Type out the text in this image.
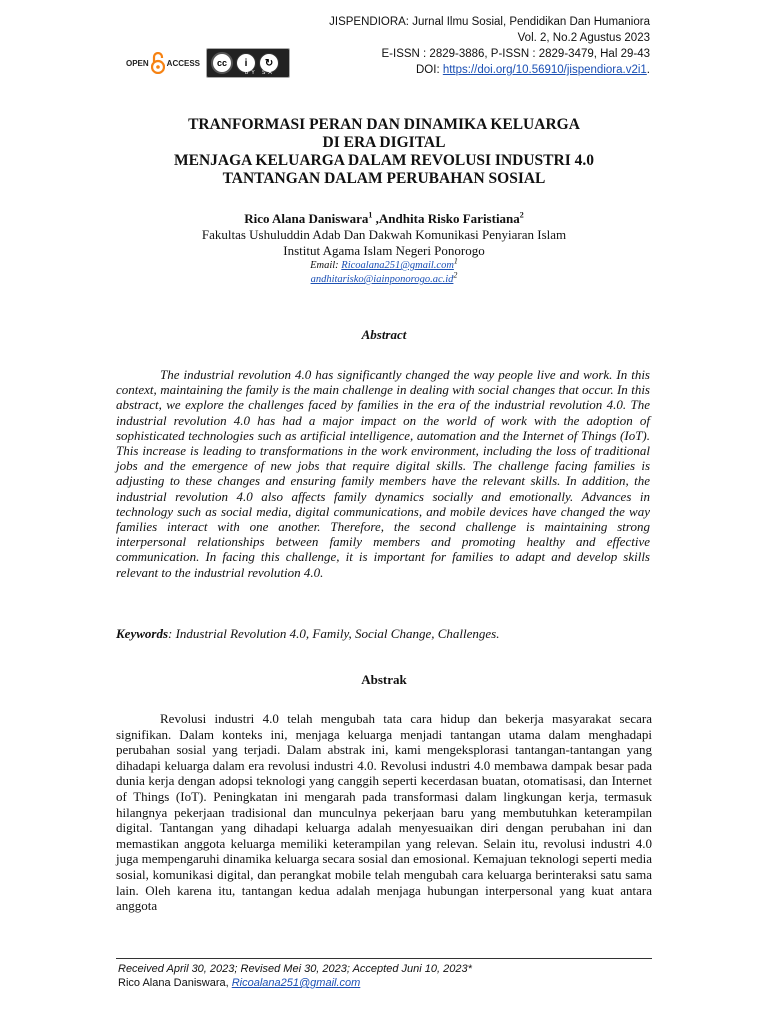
JISPENDIORA: Jurnal Ilmu Sosial, Pendidikan Dan Humaniora
Vol. 2, No.2 Agustus 2023
E-ISSN : 2829-3886, P-ISSN : 2829-3479, Hal 29-43
DOI: https://doi.org/10.56910/jispendiora.v2i1.
OPEN ACCESS	cc	i	↻
BY SA
TRANFORMASI PERAN DAN DINAMIKA KELUARGA
DI ERA DIGITAL
MENJAGA KELUARGA DALAM REVOLUSI INDUSTRI 4.0
TANTANGAN DALAM PERUBAHAN SOSIAL
Rico Alana Daniswara$^1$ ,Andhita Risko Faristiana$^2$
Fakultas Ushuluddin Adab Dan Dakwah Komunikasi Penyiaran Islam
Institut Agama Islam Negeri Ponorogo
Email: Ricoalana251@gmail.com$^1$
$andhitarisko@iainponorogo.ac.id^2$
Abstract

The industrial revolution 4.0 has significantly changed the way people live and work. In this context, maintaining the family is the main challenge in dealing with social changes that occur. In this abstract, we explore the challenges faced by families in the era of the industrial revolution 4.0. The industrial revolution 4.0 has had a major impact on the world of work with the adoption of sophisticated technologies such as artificial intelligence, automation and the Internet of Things (IoT). This increase is leading to transformations in the work environment, including the loss of traditional jobs and the emergence of new jobs that require digital skills. The challenge facing families is adjusting to these changes and ensuring family members have the relevant skills. In addition, the industrial revolution 4.0 also affects family dynamics socially and emotionally. Advances in technology such as social media, digital communications, and mobile devices have changed the way families interact with one another. Therefore, the second challenge is maintaining strong interpersonal relationships between family members and promoting healthy and effective communication. In facing this challenge, it is important for families to adapt and develop skills relevant to the industrial revolution 4.0.

Keywords: Industrial Revolution 4.0, Family, Social Change, Challenges.
Abstrak

Revolusi industri 4.0 telah mengubah tata cara hidup dan bekerja masyarakat secara signifikan. Dalam konteks ini, menjaga keluarga menjadi tantangan utama dalam menghadapi perubahan sosial yang terjadi. Dalam abstrak ini, kami mengeksplorasi tantangan-tantangan yang dihadapi keluarga dalam era revolusi industri 4.0. Revolusi industri 4.0 membawa dampak besar pada dunia kerja dengan adopsi teknologi yang canggih seperti kecerdasan buatan, otomatisasi, dan Internet of Things (IoT). Peningkatan ini mengarah pada transformasi dalam lingkungan kerja, termasuk hilangnya pekerjaan tradisional dan munculnya pekerjaan baru yang membutuhkan keterampilan digital. Tantangan yang dihadapi keluarga adalah menyesuaikan diri dengan perubahan ini dan memastikan anggota keluarga memiliki keterampilan yang relevan. Selain itu, revolusi industri 4.0 juga mempengaruhi dinamika keluarga secara sosial dan emosional. Kemajuan teknologi seperti media sosial, komunikasi digital, dan perangkat mobile telah mengubah cara keluarga berinteraksi satu sama lain. Oleh karena itu, tantangan kedua adalah menjaga hubungan interpersonal yang kuat antara anggota

Received April 30, 2023; Revised Mei 30, 2023; Accepted Juni 10, 2023*
Rico Alana Daniswara, Ricoalana251@gmail.com
